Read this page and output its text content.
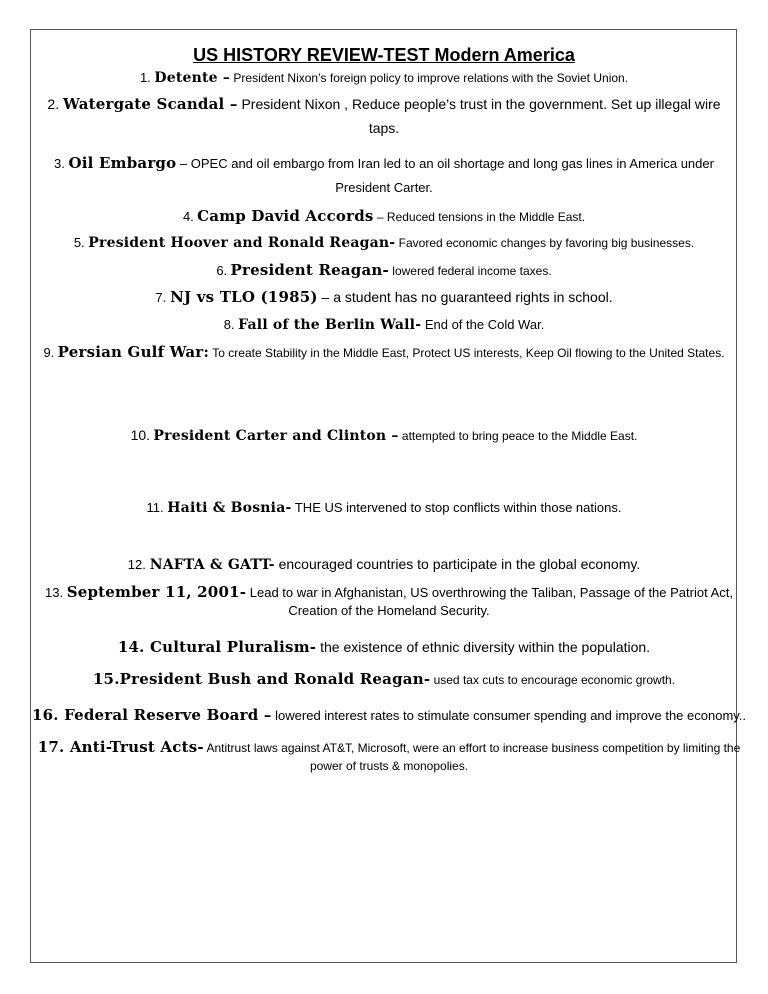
US HISTORY REVIEW-TEST Modern America
1. Detente – President Nixon’s foreign policy to improve relations with the Soviet Union.
2. Watergate Scandal – President Nixon , Reduce people’s trust in the government. Set up illegal wire taps.
3. Oil Embargo – OPEC and oil embargo from Iran led to an oil shortage and long gas lines in America under President Carter.
4. Camp David Accords – Reduced tensions in the Middle East.
5. President Hoover and Ronald Reagan- Favored economic changes by favoring big businesses.
6. President Reagan- lowered federal income taxes.
7. NJ vs TLO (1985) – a student has no guaranteed rights in school.
8. Fall of the Berlin Wall- End of the Cold War.
9. Persian Gulf War: To create Stability in the Middle East, Protect US interests, Keep Oil flowing to the United States.
10. President Carter and Clinton – attempted to bring peace to the Middle East.
11. Haiti & Bosnia- THE US intervened to stop conflicts within those nations.
12. NAFTA & GATT- encouraged countries to participate in the global economy.
13. September 11, 2001- Lead to war in Afghanistan, US overthrowing the Taliban, Passage of the Patriot Act, Creation of the Homeland Security.
14. Cultural Pluralism- the existence of ethnic diversity within the population.
15.President Bush and Ronald Reagan- used tax cuts to encourage economic growth.
16. Federal Reserve Board – lowered interest rates to stimulate consumer spending and improve the economy..
17. Anti-Trust Acts- Antitrust laws against AT&T, Microsoft, were an effort to increase business competition by limiting the power of trusts & monopolies.
